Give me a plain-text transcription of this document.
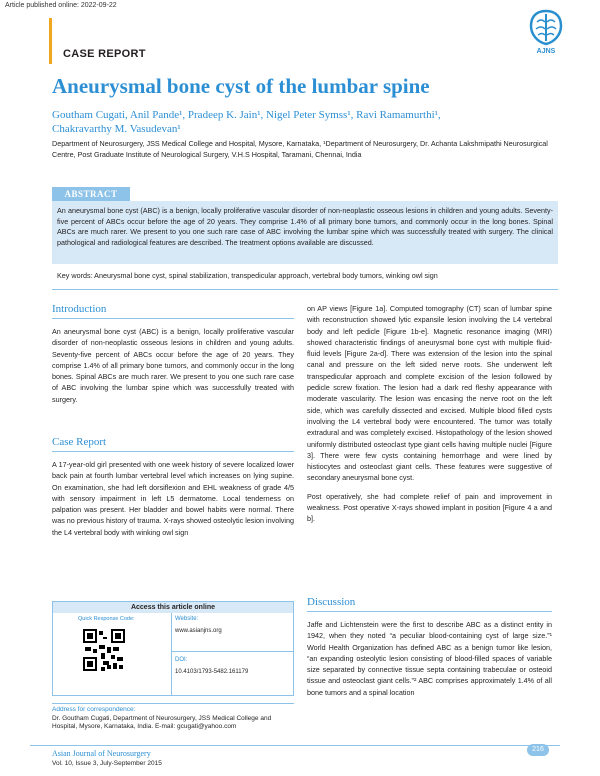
Article published online: 2022-09-22
CASE REPORT	AJNS
Aneurysmal bone cyst of the lumbar spine
Goutham Cugati, Anil Pande¹, Pradeep K. Jain¹, Nigel Peter Symss¹, Ravi Ramamurthi¹,
Chakravarthy M. Vasudevan¹
Department of Neurosurgery, JSS Medical College and Hospital, Mysore, Karnataka, ¹Department of Neurosurgery, Dr. Achanta Lakshmipathi Neurosurgical Centre, Post Graduate Institute of Neurological Surgery, V.H.S Hospital, Taramani, Chennai, India
ABSTRACT
An aneurysmal bone cyst (ABC) is a benign, locally proliferative vascular disorder of non-neoplastic osseous lesions in children and young adults. Seventy-five percent of ABCs occur before the age of 20 years. They comprise 1.4% of all primary bone tumors, and commonly occur in the long bones. Spinal ABCs are much rarer. We present to you one such rare case of ABC involving the lumbar spine which was successfully treated with surgery. The clinical pathological and radiological features are described. The treatment options available are discussed.
Key words: Aneurysmal bone cyst, spinal stabilization, transpedicular approach, vertebral body tumors, winking owl sign
Introduction

An aneurysmal bone cyst (ABC) is a benign, locally proliferative vascular disorder of non-neoplastic osseous lesions in children and young adults. Seventy-five percent of ABCs occur before the age of 20 years. They comprise 1.4% of all primary bone tumors, and commonly occur in the long bones. Spinal ABCs are much rarer. We present to you one such rare case of ABC involving the lumbar spine which was successfully treated with surgery.

Case Report

A 17-year-old girl presented with one week history of severe localized lower back pain at fourth lumbar vertebral level which increases on lying supine. On examination, she had left dorsiflexion and EHL weakness of grade 4/5 with sensory impairment in left L5 dermatome. Local tenderness on palpation was present. Her bladder and bowel habits were normal. There was no previous history of trauma. X-rays showed osteolytic lesion involving the L4 vertebral body with winking owl sign

Access this article online
Quick Response Code:	Website:
www.asianjns.org
DOI:
10.4103/1793-5482.161179
Address for correspondence:
Dr. Goutham Cugati, Department of Neurosurgery, JSS Medical College and Hospital, Mysore, Karnataka, India. E-mail: gcugati@yahoo.com

on AP views [Figure 1a]. Computed tomography (CT) scan of lumbar spine with reconstruction showed lytic expansile lesion involving the L4 vertebral body and left pedicle [Figure 1b-e]. Magnetic resonance imaging (MRI) showed characteristic findings of aneurysmal bone cyst with multiple fluid-fluid levels [Figure 2a-d]. There was extension of the lesion into the spinal canal and pressure on the left sided nerve roots. She underwent left transpedicular approach and complete excision of the lesion followed by pedicle screw fixation. The lesion had a dark red fleshy appearance with moderate vascularity. The lesion was encasing the nerve root on the left side, which was carefully dissected and excised. Multiple blood filled cysts involving the L4 vertebral body were encountered. The tumor was totally extradural and was completely excised. Histopathology of the lesion showed uniformly distributed osteoclast type giant cells having multiple nuclei [Figure 3]. There were few cysts containing hemorrhage and were lined by histiocytes and osteoclast giant cells. These features were suggestive of secondary aneurysmal bone cyst.

Post operatively, she had complete relief of pain and improvement in weakness. Post operative X-rays showed implant in position [Figure 4 a and b].

Discussion

Jaffe and Lichtenstein were the first to describe ABC as a distinct entity in 1942, when they noted “a peculiar blood-containing cyst of large size.”¹ World Health Organization has defined ABC as a benign tumor like lesion, “an expanding osteolytic lesion consisting of blood-filled spaces of variable size separated by connective tissue septa containing trabeculae or osteoid tissue and osteoclast giant cells.”² ABC comprises approximately 1.4% of all bone tumors and a spinal location

Asian Journal of Neurosurgery
Vol. 10, Issue 3, July-September 2015
216
